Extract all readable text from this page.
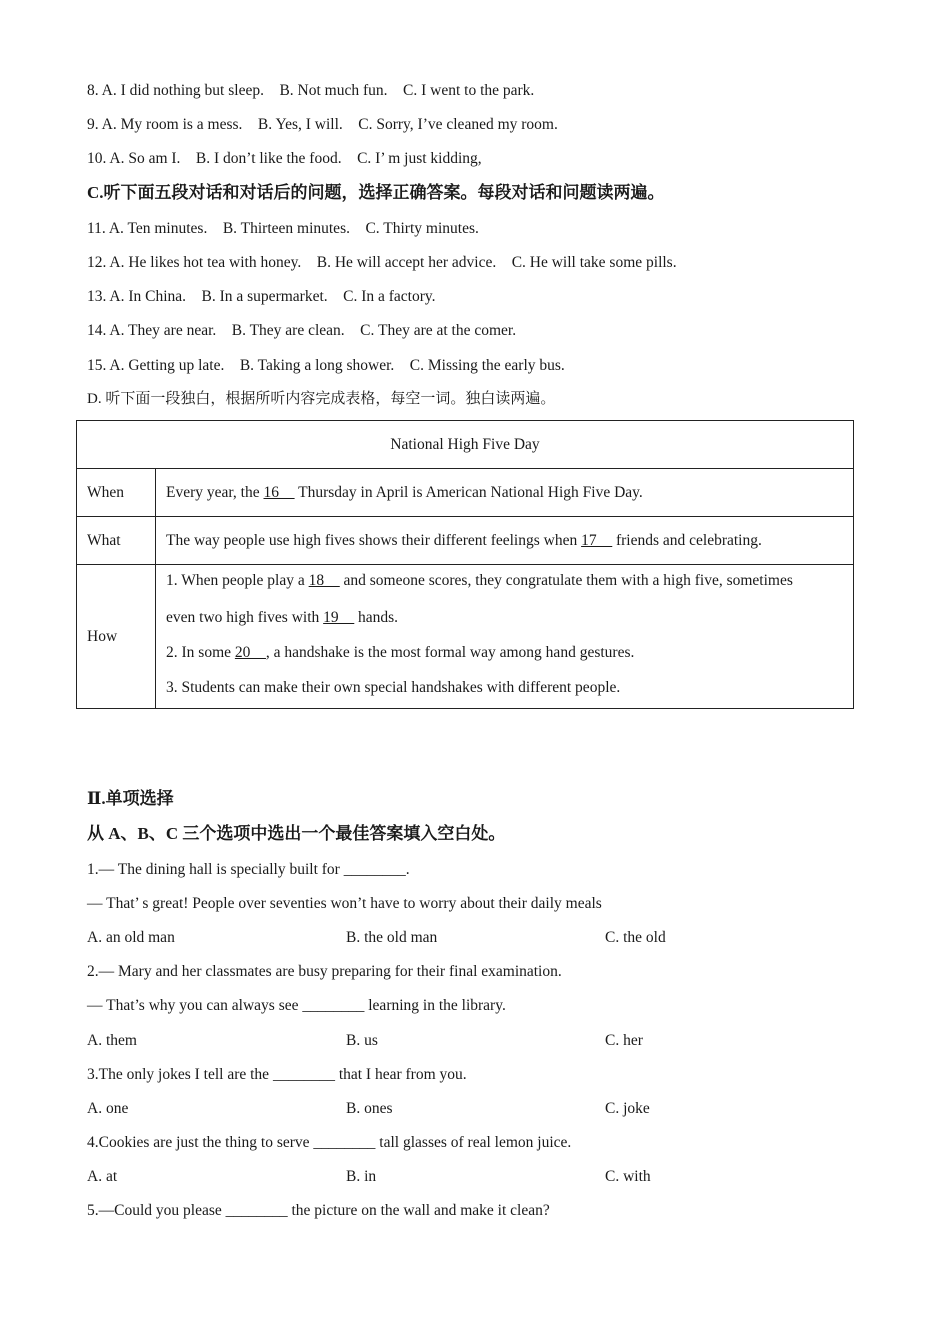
8. A. I did nothing but sleep.    B. Not much fun.    C. I went to the park.
9. A. My room is a mess.    B. Yes, I will.    C. Sorry, I’ve cleaned my room.
10. A. So am I.    B. I don’t like the food.    C. I’ m just kidding,
C.听下面五段对话和对话后的问题，选择正确答案。每段对话和问题读两遍。
11. A. Ten minutes.    B. Thirteen minutes.    C. Thirty minutes.
12. A. He likes hot tea with honey.    B. He will accept her advice.    C. He will take some pills.
13. A. In China.    B. In a supermarket.    C. In a factory.
14. A. They are near.    B. They are clean.    C. They are at the comer.
15. A. Getting up late.    B. Taking a long shower.    C. Missing the early bus.
D. 听下面一段独白，根据所听内容完成表格，每空一词。独白读两遍。
National High Five Day	
When	Every year, the 16__ Thursday in April is American National High Five Day.
What	The way people use high fives shows their different feelings when 17__ friends and celebrating.
How	1. When people play a 18__ and someone scores, they congratulate them with a high five, sometimes
even two high fives with 19__ hands.
2. In some 20__, a handshake is the most formal way among hand gestures.
3. Students can make their own special handshakes with different people.
Ⅱ.单项选择
从 A、B、C 三个选项中选出一个最佳答案填入空白处。
1.— The dining hall is specially built for ________.
— That’ s great! People over seventies won’t have to worry about their daily meals
A. an old man	B. the old man	C. the old
2.— Mary and her classmates are busy preparing for their final examination.
— That’s why you can always see ________ learning in the library.
A. them	B. us	C. her
3.The only jokes I tell are the ________ that I hear from you.
A. one	B. ones	C. joke
4.Cookies are just the thing to serve ________ tall glasses of real lemon juice.
A. at	B. in	C. with
5.—Could you please ________ the picture on the wall and make it clean?
